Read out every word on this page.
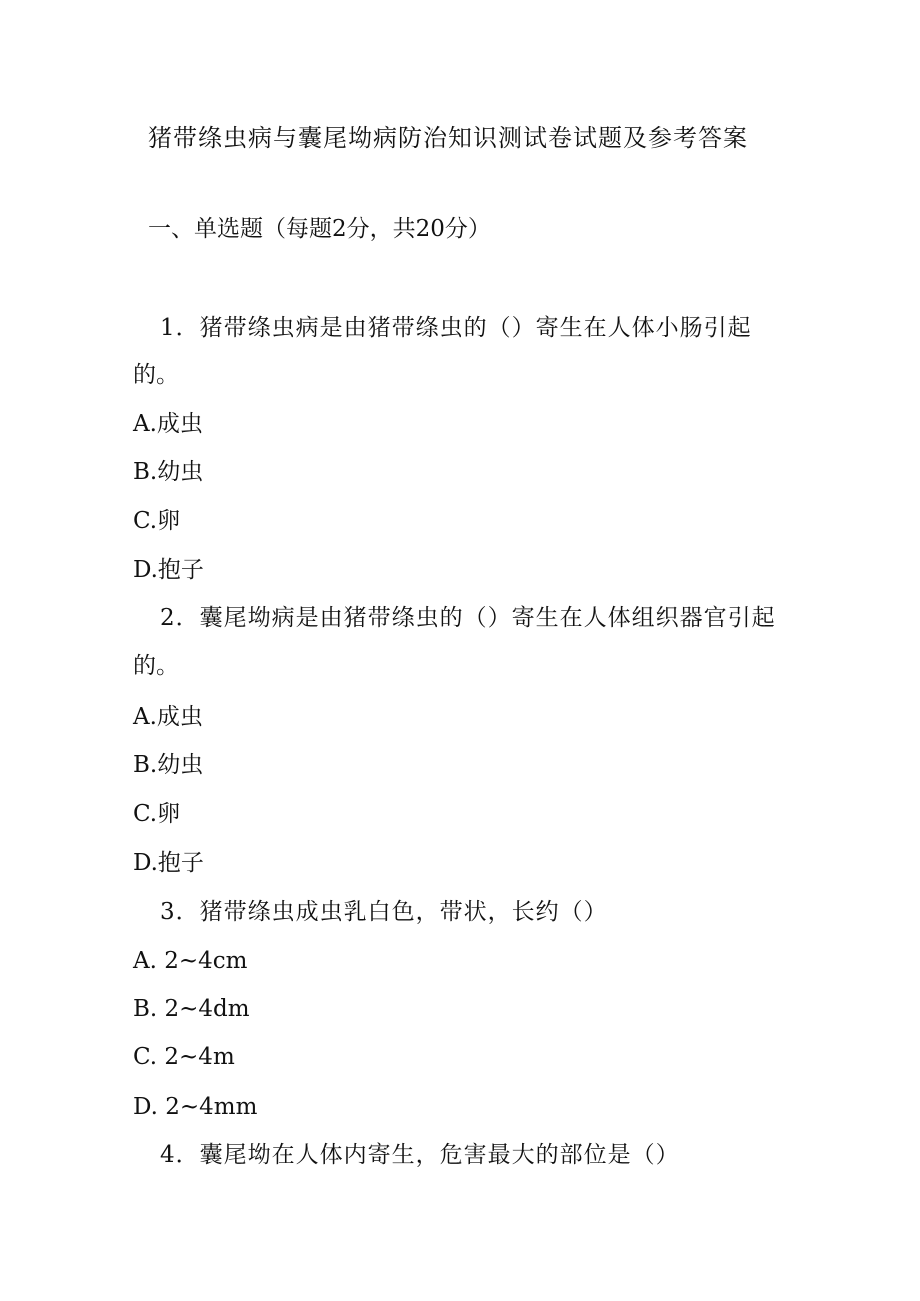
猪带绦虫病与囊尾坳病防治知识测试卷试题及参考答案
一、单选题（每题2分，共20分）
1．猪带绦虫病是由猪带绦虫的（）寄生在人体小肠引起
的。
A.成虫
B.幼虫
C.卵
D.抱子
2．囊尾坳病是由猪带绦虫的（）寄生在人体组织器官引起
的。
A.成虫
B.幼虫
C.卵
D.抱子
3．猪带绦虫成虫乳白色，带状，长约（）
A. 2~4cm
B. 2~4dm
C. 2~4m
D. 2~4mm
4．囊尾坳在人体内寄生，危害最大的部位是（）
